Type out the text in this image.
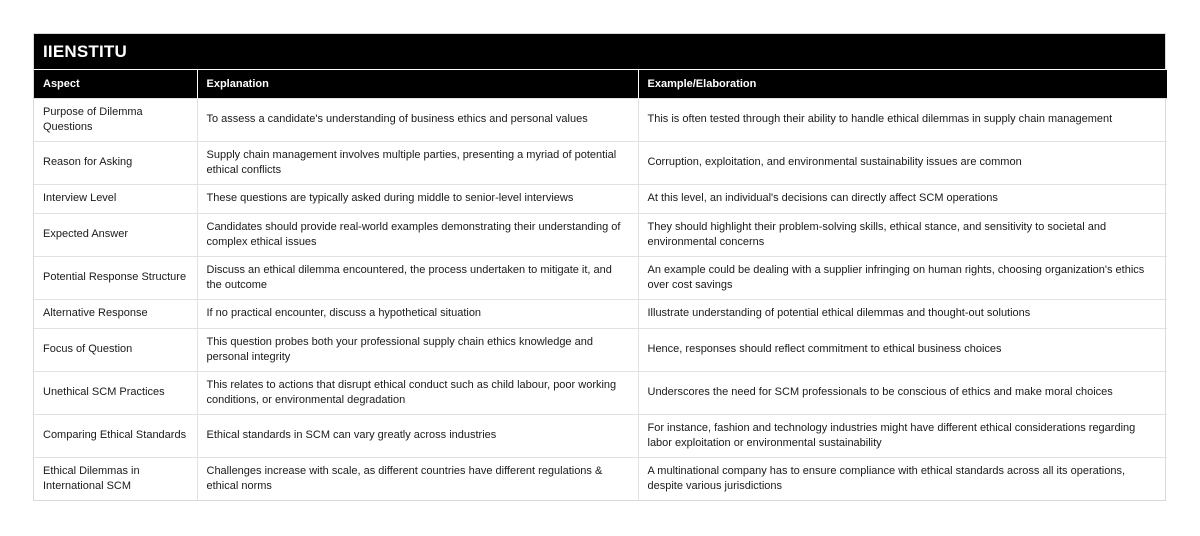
IIENSTITU
Aspect	Explanation	Example/Elaboration
Purpose of Dilemma Questions	To assess a candidate's understanding of business ethics and personal values	This is often tested through their ability to handle ethical dilemmas in supply chain management
Reason for Asking	Supply chain management involves multiple parties, presenting a myriad of potential ethical conflicts	Corruption, exploitation, and environmental sustainability issues are common
Interview Level	These questions are typically asked during middle to senior-level interviews	At this level, an individual's decisions can directly affect SCM operations
Expected Answer	Candidates should provide real-world examples demonstrating their understanding of complex ethical issues	They should highlight their problem-solving skills, ethical stance, and sensitivity to societal and environmental concerns
Potential Response Structure	Discuss an ethical dilemma encountered, the process undertaken to mitigate it, and the outcome	An example could be dealing with a supplier infringing on human rights, choosing organization's ethics over cost savings
Alternative Response	If no practical encounter, discuss a hypothetical situation	Illustrate understanding of potential ethical dilemmas and thought-out solutions
Focus of Question	This question probes both your professional supply chain ethics knowledge and personal integrity	Hence, responses should reflect commitment to ethical business choices
Unethical SCM Practices	This relates to actions that disrupt ethical conduct such as child labour, poor working conditions, or environmental degradation	Underscores the need for SCM professionals to be conscious of ethics and make moral choices
Comparing Ethical Standards	Ethical standards in SCM can vary greatly across industries	For instance, fashion and technology industries might have different ethical considerations regarding labor exploitation or environmental sustainability
Ethical Dilemmas in International SCM	Challenges increase with scale, as different countries have different regulations & ethical norms	A multinational company has to ensure compliance with ethical standards across all its operations, despite various jurisdictions
